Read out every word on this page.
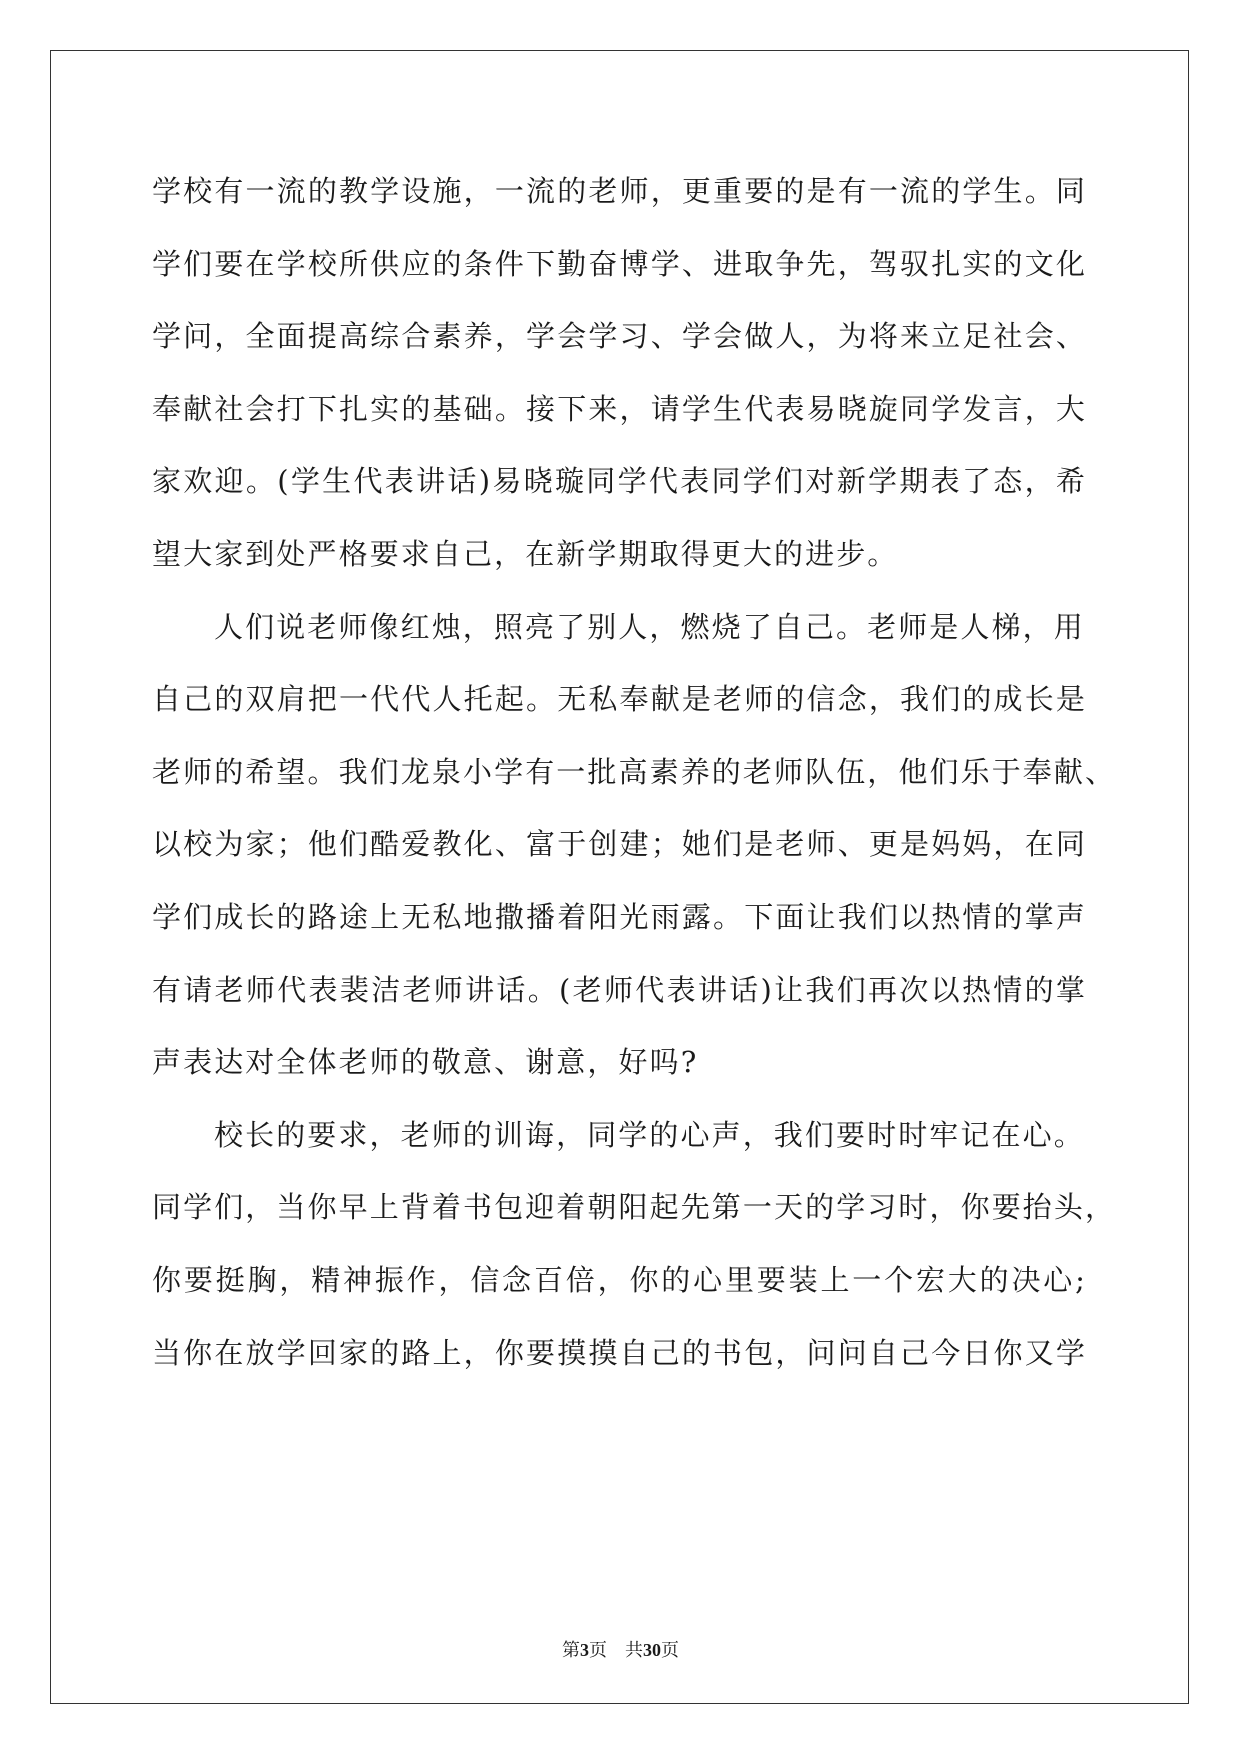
学校有一流的教学设施，一流的老师，更重要的是有一流的学生。同
学们要在学校所供应的条件下勤奋博学、进取争先，驾驭扎实的文化
学问，全面提高综合素养，学会学习、学会做人，为将来立足社会、
奉献社会打下扎实的基础。接下来，请学生代表易晓旋同学发言，大
家欢迎。(学生代表讲话)易晓璇同学代表同学们对新学期表了态，希
望大家到处严格要求自己，在新学期取得更大的进步。
人们说老师像红烛，照亮了别人，燃烧了自己。老师是人梯，用
自己的双肩把一代代人托起。无私奉献是老师的信念，我们的成长是
老师的希望。我们龙泉小学有一批高素养的老师队伍，他们乐于奉献、
以校为家；他们酷爱教化、富于创建；她们是老师、更是妈妈，在同
学们成长的路途上无私地撒播着阳光雨露。下面让我们以热情的掌声
有请老师代表裴洁老师讲话。(老师代表讲话)让我们再次以热情的掌
声表达对全体老师的敬意、谢意，好吗?
校长的要求，老师的训诲，同学的心声，我们要时时牢记在心。
同学们，当你早上背着书包迎着朝阳起先第一天的学习时，你要抬头，
你要挺胸，精神振作，信念百倍，你的心里要装上一个宏大的决心;
当你在放学回家的路上，你要摸摸自己的书包，问问自己今日你又学
第3页 共30页
